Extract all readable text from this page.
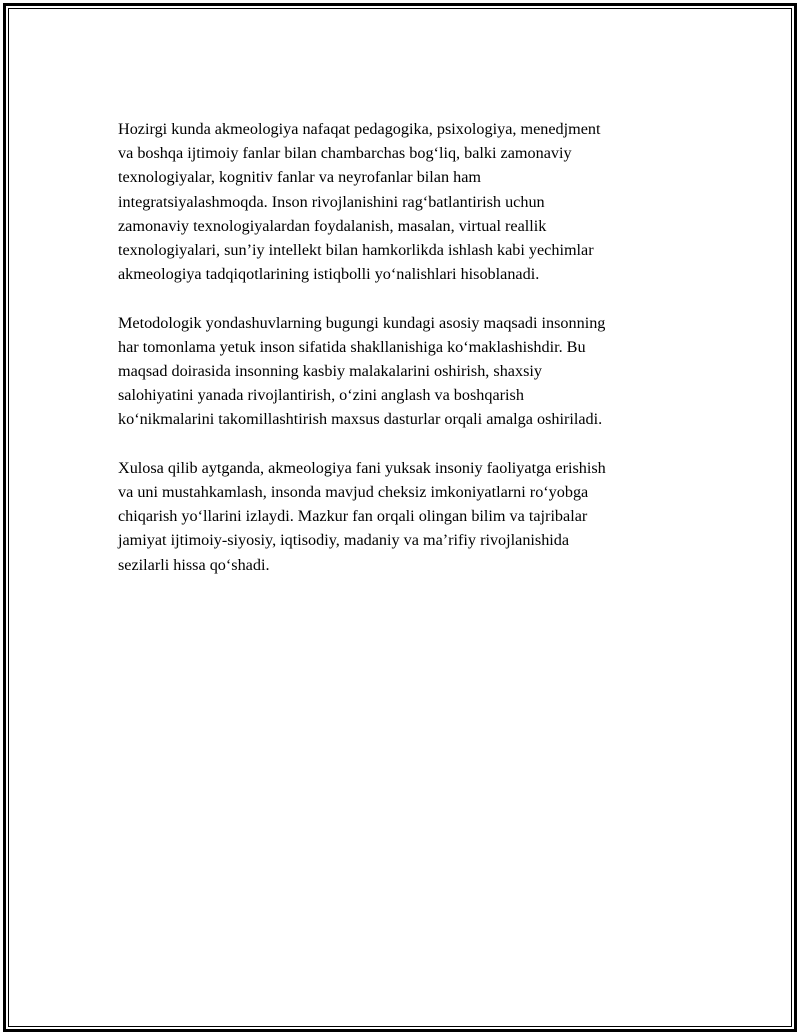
Hozirgi kunda akmeologiya nafaqat pedagogika, psixologiya, menedjment
va boshqa ijtimoiy fanlar bilan chambarchas bog‘liq, balki zamonaviy
texnologiyalar, kognitiv fanlar va neyrofanlar bilan ham
integratsiyalashmoqda. Inson rivojlanishini rag‘batlantirish uchun
zamonaviy texnologiyalardan foydalanish, masalan, virtual reallik
texnologiyalari, sun’iy intellekt bilan hamkorlikda ishlash kabi yechimlar
akmeologiya tadqiqotlarining istiqbolli yo‘nalishlari hisoblanadi.

Metodologik yondashuvlarning bugungi kundagi asosiy maqsadi insonning
har tomonlama yetuk inson sifatida shakllanishiga ko‘maklashishdir. Bu
maqsad doirasida insonning kasbiy malakalarini oshirish, shaxsiy
salohiyatini yanada rivojlantirish, o‘zini anglash va boshqarish
ko‘nikmalarini takomillashtirish maxsus dasturlar orqali amalga oshiriladi.

Xulosa qilib aytganda, akmeologiya fani yuksak insoniy faoliyatga erishish
va uni mustahkamlash, insonda mavjud cheksiz imkoniyatlarni ro‘yobga
chiqarish yo‘llarini izlaydi. Mazkur fan orqali olingan bilim va tajribalar
jamiyat ijtimoiy-siyosiy, iqtisodiy, madaniy va ma’rifiy rivojlanishida
sezilarli hissa qo‘shadi.
